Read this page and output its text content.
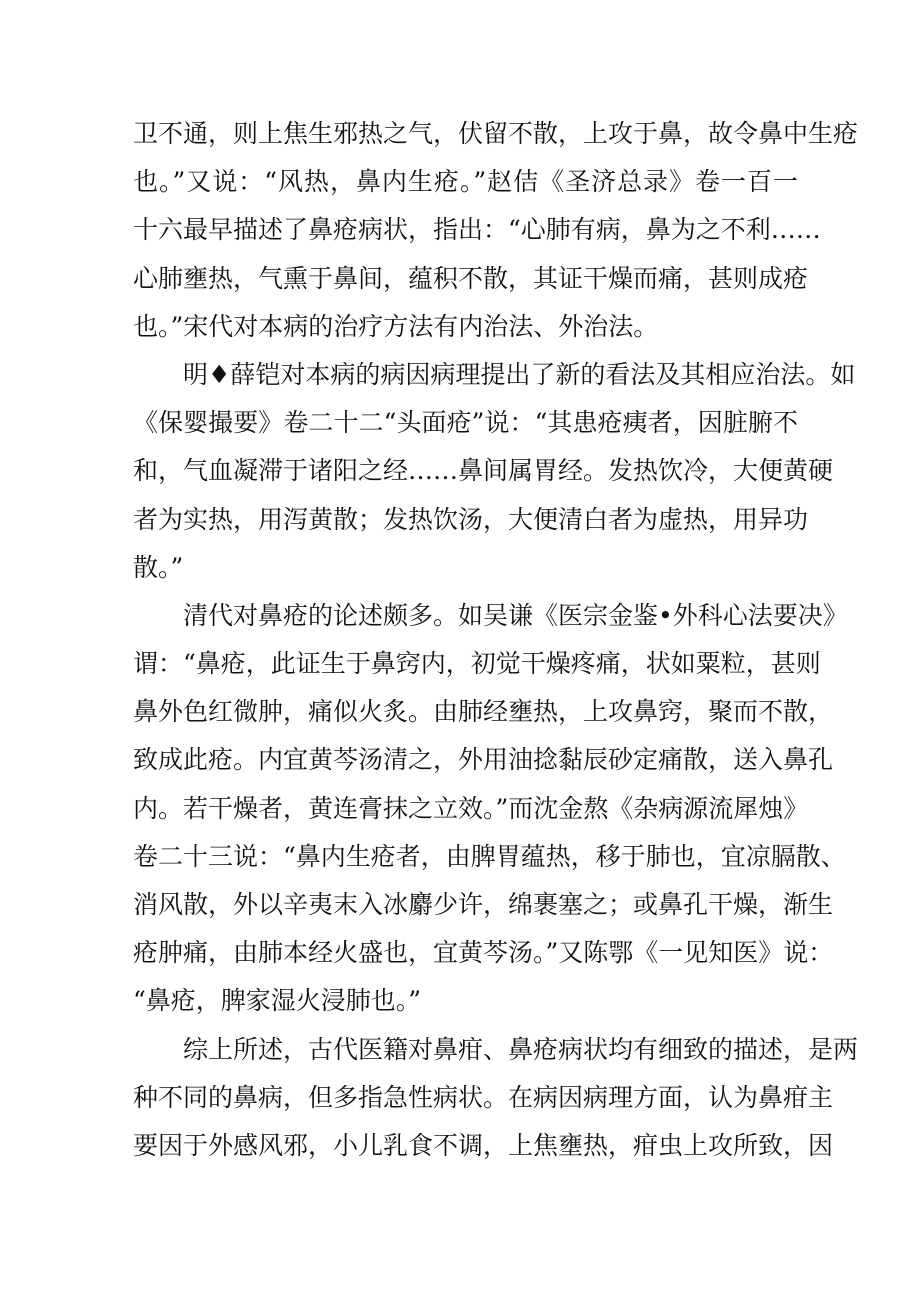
卫不通，则上焦生邪热之气，伏留不散，上攻于鼻，故令鼻中生疮
也。”又说：“风热，鼻内生疮。”赵佶《圣济总录》卷一百一
十六最早描述了鼻疮病状，指出：“心肺有病，鼻为之不利……
心肺壅热，气熏于鼻间，蕴积不散，其证干燥而痛，甚则成疮
也。”宋代对本病的治疗方法有内治法、外治法。
明♦薛铠对本病的病因病理提出了新的看法及其相应治法。如
《保婴撮要》卷二十二“头面疮”说：“其患疮痍者，因脏腑不
和，气血凝滞于诸阳之经……鼻间属胃经。发热饮冷，大便黄硬
者为实热，用泻黄散；发热饮汤，大便清白者为虚热，用异功
散。”
清代对鼻疮的论述颇多。如吴谦《医宗金鉴•外科心法要决》
谓：“鼻疮，此证生于鼻窍内，初觉干燥疼痛，状如粟粒，甚则
鼻外色红微肿，痛似火炙。由肺经壅热，上攻鼻窍，聚而不散，
致成此疮。内宜黄芩汤清之，外用油捻黏辰砂定痛散，送入鼻孔
内。若干燥者，黄连膏抹之立效。”而沈金熬《杂病源流犀烛》
卷二十三说：“鼻内生疮者，由脾胃蕴热，移于肺也，宜凉膈散、
消风散，外以辛夷末入冰麝少许，绵裹塞之；或鼻孔干燥，渐生
疮肿痛，由肺本经火盛也，宜黄芩汤。”又陈鄂《一见知医》说：
“鼻疮，脾家湿火浸肺也。”
综上所述，古代医籍对鼻疳、鼻疮病状均有细致的描述，是两
种不同的鼻病，但多指急性病状。在病因病理方面，认为鼻疳主
要因于外感风邪，小儿乳食不调，上焦壅热，疳虫上攻所致，因
